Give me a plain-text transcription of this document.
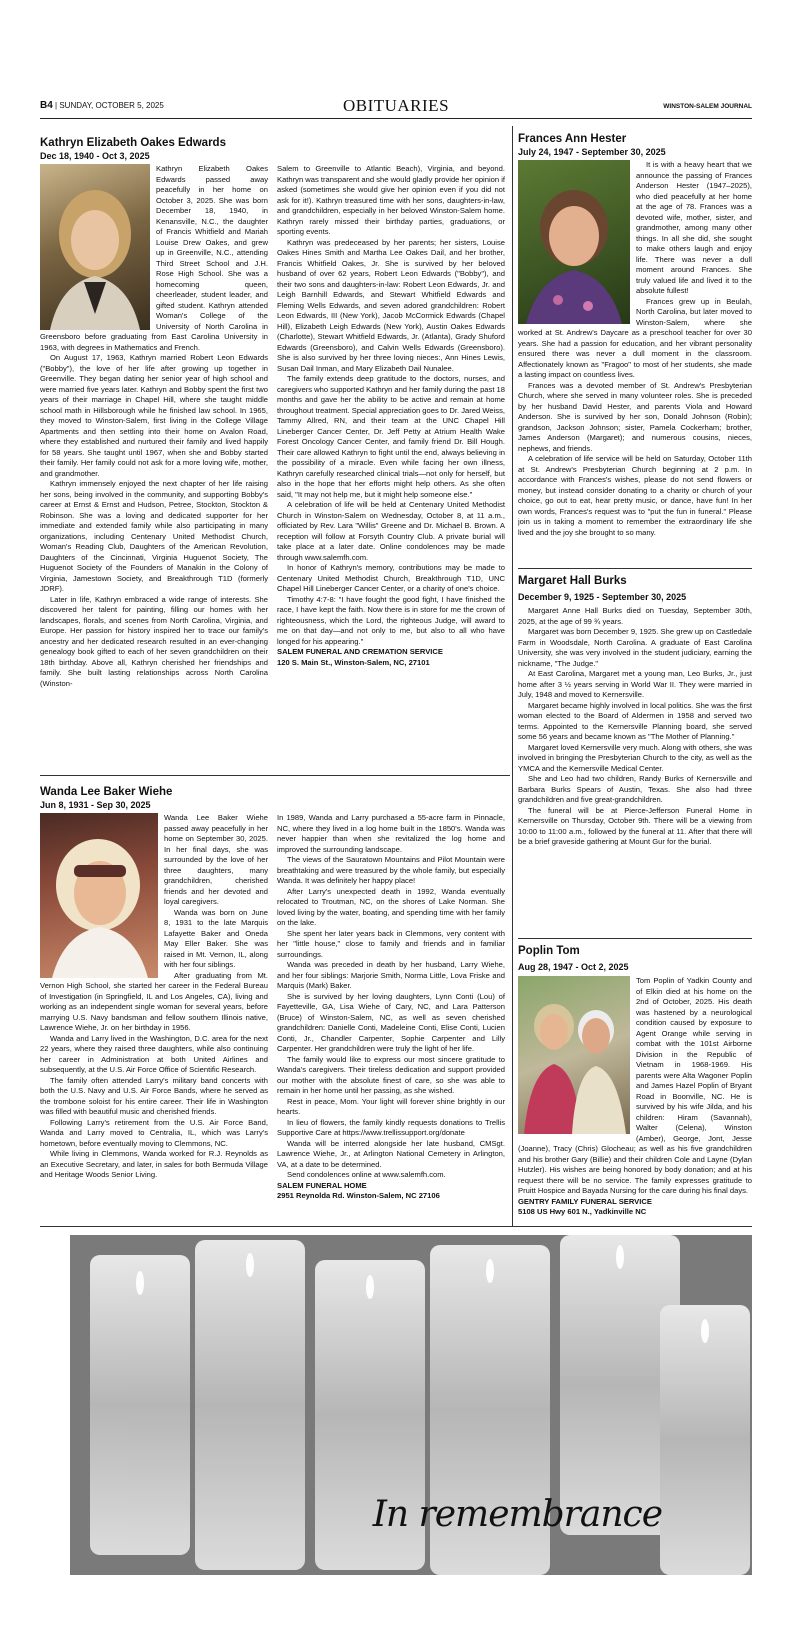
B4 | SUNDAY, OCTOBER 5, 2025	OBITUARIES	WINSTON-SALEM JOURNAL
Kathryn Elizabeth Oakes Edwards
Dec 18, 1940 - Oct 3, 2025

Kathryn Elizabeth Oakes Edwards passed away peacefully in her home on October 3, 2025. She was born December 18, 1940, in Kenansville, N.C., the daughter of Francis Whitfield and Mariah Louise Drew Oakes, and grew up in Greenville, N.C., attending Third Street School and J.H. Rose High School. She was a homecoming queen, cheerleader, student leader, and gifted student. Kathryn attended Woman's College of the University of North Carolina in Greensboro before graduating from East Carolina University in 1963, with degrees in Mathematics and French.

On August 17, 1963, Kathryn married Robert Leon Edwards ("Bobby"), the love of her life after growing up together in Greenville. They began dating her senior year of high school and were married five years later. Kathryn and Bobby spent the first two years of their marriage in Chapel Hill, where she taught middle school math in Hillsborough while he finished law school. In 1965, they moved to Winston-Salem, first living in the College Village Apartments and then settling into their home on Avalon Road, where they established and nurtured their family and lived happily for 58 years. She taught until 1967, when she and Bobby started their family. Her family could not ask for a more loving wife, mother, and grandmother.

Kathryn immensely enjoyed the next chapter of her life raising her sons, being involved in the community, and supporting Bobby's career at Ernst & Ernst and Hudson, Petree, Stockton, Stockton & Robinson. She was a loving and dedicated supporter for her immediate and extended family while also participating in many organizations, including Centenary United Methodist Church, Woman's Reading Club, Daughters of the American Revolution, Daughters of the Cincinnati, Virginia Huguenot Society, The Huguenot Society of the Founders of Manakin in the Colony of Virginia, Jamestown Society, and Breakthrough T1D (formerly JDRF).

Later in life, Kathryn embraced a wide range of interests. She discovered her talent for painting, filling our homes with her landscapes, florals, and scenes from North Carolina, Virginia, and Europe. Her passion for history inspired her to trace our family's ancestry and her dedicated research resulted in an ever-changing genealogy book gifted to each of her seven grandchildren on their 18th birthday. Above all, Kathryn cherished her friendships and family. She built lasting relationships across North Carolina (Winston-

Salem to Greenville to Atlantic Beach), Virginia, and beyond. Kathryn was transparent and she would gladly provide her opinion if asked (sometimes she would give her opinion even if you did not ask for it!). Kathryn treasured time with her sons, daughters-in-law, and grandchildren, especially in her beloved Winston-Salem home. Kathryn rarely missed their birthday parties, graduations, or sporting events.

Kathryn was predeceased by her parents; her sisters, Louise Oakes Hines Smith and Martha Lee Oakes Dail, and her brother, Francis Whitfield Oakes, Jr. She is survived by her beloved husband of over 62 years, Robert Leon Edwards ("Bobby"), and their two sons and daughters-in-law: Robert Leon Edwards, Jr. and Leigh Barnhill Edwards, and Stewart Whitfield Edwards and Fleming Wells Edwards, and seven adored grandchildren: Robert Leon Edwards, III (New York), Jacob McCormick Edwards (Chapel Hill), Elizabeth Leigh Edwards (New York), Austin Oakes Edwards (Charlotte), Stewart Whitfield Edwards, Jr. (Atlanta), Grady Shuford Edwards (Greensboro), and Calvin Wells Edwards (Greensboro). She is also survived by her three loving nieces:, Ann Hines Lewis, Susan Dail Inman, and Mary Elizabeth Dail Nunalee.

The family extends deep gratitude to the doctors, nurses, and caregivers who supported Kathryn and her family during the past 18 months and gave her the ability to be active and remain at home throughout treatment. Special appreciation goes to Dr. Jared Weiss, Tammy Allred, RN, and their team at the UNC Chapel Hill Lineberger Cancer Center, Dr. Jeff Petty at Atrium Health Wake Forest Oncology Cancer Center, and family friend Dr. Bill Hough. Their care allowed Kathryn to fight until the end, always believing in the possibility of a miracle. Even while facing her own illness, Kathryn carefully researched clinical trials—not only for herself, but also in the hope that her efforts might help others. As she often said, "It may not help me, but it might help someone else."

A celebration of life will be held at Centenary United Methodist Church in Winston-Salem on Wednesday, October 8, at 11 a.m., officiated by Rev. Lara "Willis" Greene and Dr. Michael B. Brown. A reception will follow at Forsyth Country Club. A private burial will take place at a later date. Online condolences may be made through www.salemfh.com.

In honor of Kathryn's memory, contributions may be made to Centenary United Methodist Church, Breakthrough T1D, UNC Chapel Hill Lineberger Cancer Center, or a charity of one's choice.

Timothy 4:7-8: "I have fought the good fight, I have finished the race, I have kept the faith. Now there is in store for me the crown of righteousness, which the Lord, the righteous Judge, will award to me on that day—and not only to me, but also to all who have longed for his appearing."

SALEM FUNERAL AND CREMATION SERVICE

120 S. Main St., Winston-Salem, NC, 27101

Wanda Lee Baker Wiehe
Jun 8, 1931 - Sep 30, 2025

Wanda Lee Baker Wiehe passed away peacefully in her home on September 30, 2025. In her final days, she was surrounded by the love of her three daughters, many grandchildren, cherished friends and her devoted and loyal caregivers.

Wanda was born on June 8, 1931 to the late Marquis Lafayette Baker and Oneda May Eller Baker. She was raised in Mt. Vernon, IL, along with her four siblings.

After graduating from Mt. Vernon High School, she started her career in the Federal Bureau of Investigation (in Springfield, IL and Los Angeles, CA), living and working as an independent single woman for several years, before marrying U.S. Navy bandsman and fellow southern Illinois native, Lawrence Wiehe, Jr. on her birthday in 1956.

Wanda and Larry lived in the Washington, D.C. area for the next 22 years, where they raised three daughters, while also continuing her career in Administration at both United Airlines and subsequently, at the U.S. Air Force Office of Scientific Research.

The family often attended Larry's military band concerts with both the U.S. Navy and U.S. Air Force Bands, where he served as the trombone soloist for his entire career. Their life in Washington was filled with beautiful music and cherished friends.

Following Larry's retirement from the U.S. Air Force Band, Wanda and Larry moved to Centralia, IL, which was Larry's hometown, before eventually moving to Clemmons, NC.

While living in Clemmons, Wanda worked for R.J. Reynolds as an Executive Secretary, and later, in sales for both Bermuda Village and Heritage Woods Senior Living.

In 1989, Wanda and Larry purchased a 55-acre farm in Pinnacle, NC, where they lived in a log home built in the 1850's. Wanda was never happier than when she revitalized the log home and improved the surrounding landscape.

The views of the Sauratown Mountains and Pilot Mountain were breathtaking and were treasured by the whole family, but especially Wanda. It was definitely her happy place!

After Larry's unexpected death in 1992, Wanda eventually relocated to Troutman, NC, on the shores of Lake Norman. She loved living by the water, boating, and spending time with her family on the lake.

She spent her later years back in Clemmons, very content with her "little house," close to family and friends and in familiar surroundings.

Wanda was preceded in death by her husband, Larry Wiehe, and her four siblings: Marjorie Smith, Norma Little, Lova Friske and Marquis (Mark) Baker.

She is survived by her loving daughters, Lynn Conti (Lou) of Fayetteville, GA, Lisa Wiehe of Cary, NC, and Lara Patterson (Bruce) of Winston-Salem, NC, as well as seven cherished grandchildren: Danielle Conti, Madeleine Conti, Elise Conti, Lucien Conti, Jr., Chandler Carpenter, Sophie Carpenter and Lilly Carpenter. Her grandchildren were truly the light of her life.

The family would like to express our most sincere gratitude to Wanda's caregivers. Their tireless dedication and support provided our mother with the absolute finest of care, so she was able to remain in her home until her passing, as she wished.

Rest in peace, Mom. Your light will forever shine brightly in our hearts.

In lieu of flowers, the family kindly requests donations to Trellis Supportive Care at https://www.trellissupport.org/donate

Wanda will be interred alongside her late husband, CMSgt. Lawrence Wiehe, Jr., at Arlington National Cemetery in Arlington, VA, at a date to be determined.

Send condolences online at www.salemfh.com.

SALEM FUNERAL HOME

2951 Reynolda Rd. Winston-Salem, NC 27106

Frances Ann Hester
July 24, 1947 - September 30, 2025

It is with a heavy heart that we announce the passing of Frances Anderson Hester (1947–2025), who died peacefully at her home at the age of 78. Frances was a devoted wife, mother, sister, and grandmother, among many other things. In all she did, she sought to make others laugh and enjoy life. There was never a dull moment around Frances. She truly valued life and lived it to the absolute fullest!

Frances grew up in Beulah, North Carolina, but later moved to Winston-Salem, where she worked at St. Andrew's Daycare as a preschool teacher for over 30 years. She had a passion for education, and her vibrant personality ensured there was never a dull moment in the classroom. Affectionately known as "Fragoo" to most of her students, she made a lasting impact on countless lives.

Frances was a devoted member of St. Andrew's Presbyterian Church, where she served in many volunteer roles. She is preceded by her husband David Hester, and parents Viola and Howard Anderson. She is survived by her son, Donald Johnson (Robin); grandson, Jackson Johnson; sister, Pamela Cockerham; brother, James Anderson (Margaret); and numerous cousins, nieces, nephews, and friends.

A celebration of life service will be held on Saturday, October 11th at St. Andrew's Presbyterian Church beginning at 2 p.m. In accordance with Frances's wishes, please do not send flowers or money, but instead consider donating to a charity or church of your choice, go out to eat, hear pretty music, or dance, have fun! In her own words, Frances's request was to "put the fun in funeral." Please join us in taking a moment to remember the extraordinary life she lived and the joy she brought to so many.

Margaret Hall Burks
December 9, 1925 - September 30, 2025

Margaret Anne Hall Burks died on Tuesday, September 30th, 2025, at the age of 99 ¾ years.

Margaret was born December 9, 1925. She grew up on Castledale Farm in Woodsdale, North Carolina. A graduate of East Carolina University, she was very involved in the student judiciary, earning the nickname, "The Judge."

At East Carolina, Margaret met a young man, Leo Burks, Jr., just home after 3 ½ years serving in World War II. They were married in July, 1948 and moved to Kernersville.

Margaret became highly involved in local politics. She was the first woman elected to the Board of Aldermen in 1958 and served two terms. Appointed to the Kernersville Planning board, she served some 56 years and became known as "The Mother of Planning."

Margaret loved Kernersville very much. Along with others, she was involved in bringing the Presbyterian Church to the city, as well as the YMCA and the Kernersville Medical Center.

She and Leo had two children, Randy Burks of Kernersville and Barbara Burks Spears of Austin, Texas. She also had three grandchildren and five great-grandchildren.

The funeral will be at Pierce-Jefferson Funeral Home in Kernersville on Thursday, October 9th. There will be a viewing from 10:00 to 11:00 a.m., followed by the funeral at 11. After that there will be a brief graveside gathering at Mount Gur for the burial.

Poplin Tom
Aug 28, 1947 - Oct 2, 2025

Tom Poplin of Yadkin County and of Elkin died at his home on the 2nd of October, 2025. His death was hastened by a neurological condition caused by exposure to Agent Orange while serving in combat with the 101st Airborne Division in the Republic of Vietnam in 1968-1969. His parents were Alta Wagoner Poplin and James Hazel Poplin of Bryant Road in Boonville, NC. He is survived by his wife Jilda, and his children: Hiram (Savannah), Walter (Celena), Winston (Amber), George, Jont, Jesse (Joanne), Tracy (Chris) Glocheau; as well as his five grandchildren and his brother Gary (Billie) and their children Cole and Layne (Dylan Hutzler). His wishes are being honored by body donation; and at his request there will be no service. The family expresses gratitude to Pruitt Hospice and Bayada Nursing for the care during his final days.

GENTRY FAMILY FUNERAL SERVICE

5108 US Hwy 601 N., Yadkinville NC

In remembrance
